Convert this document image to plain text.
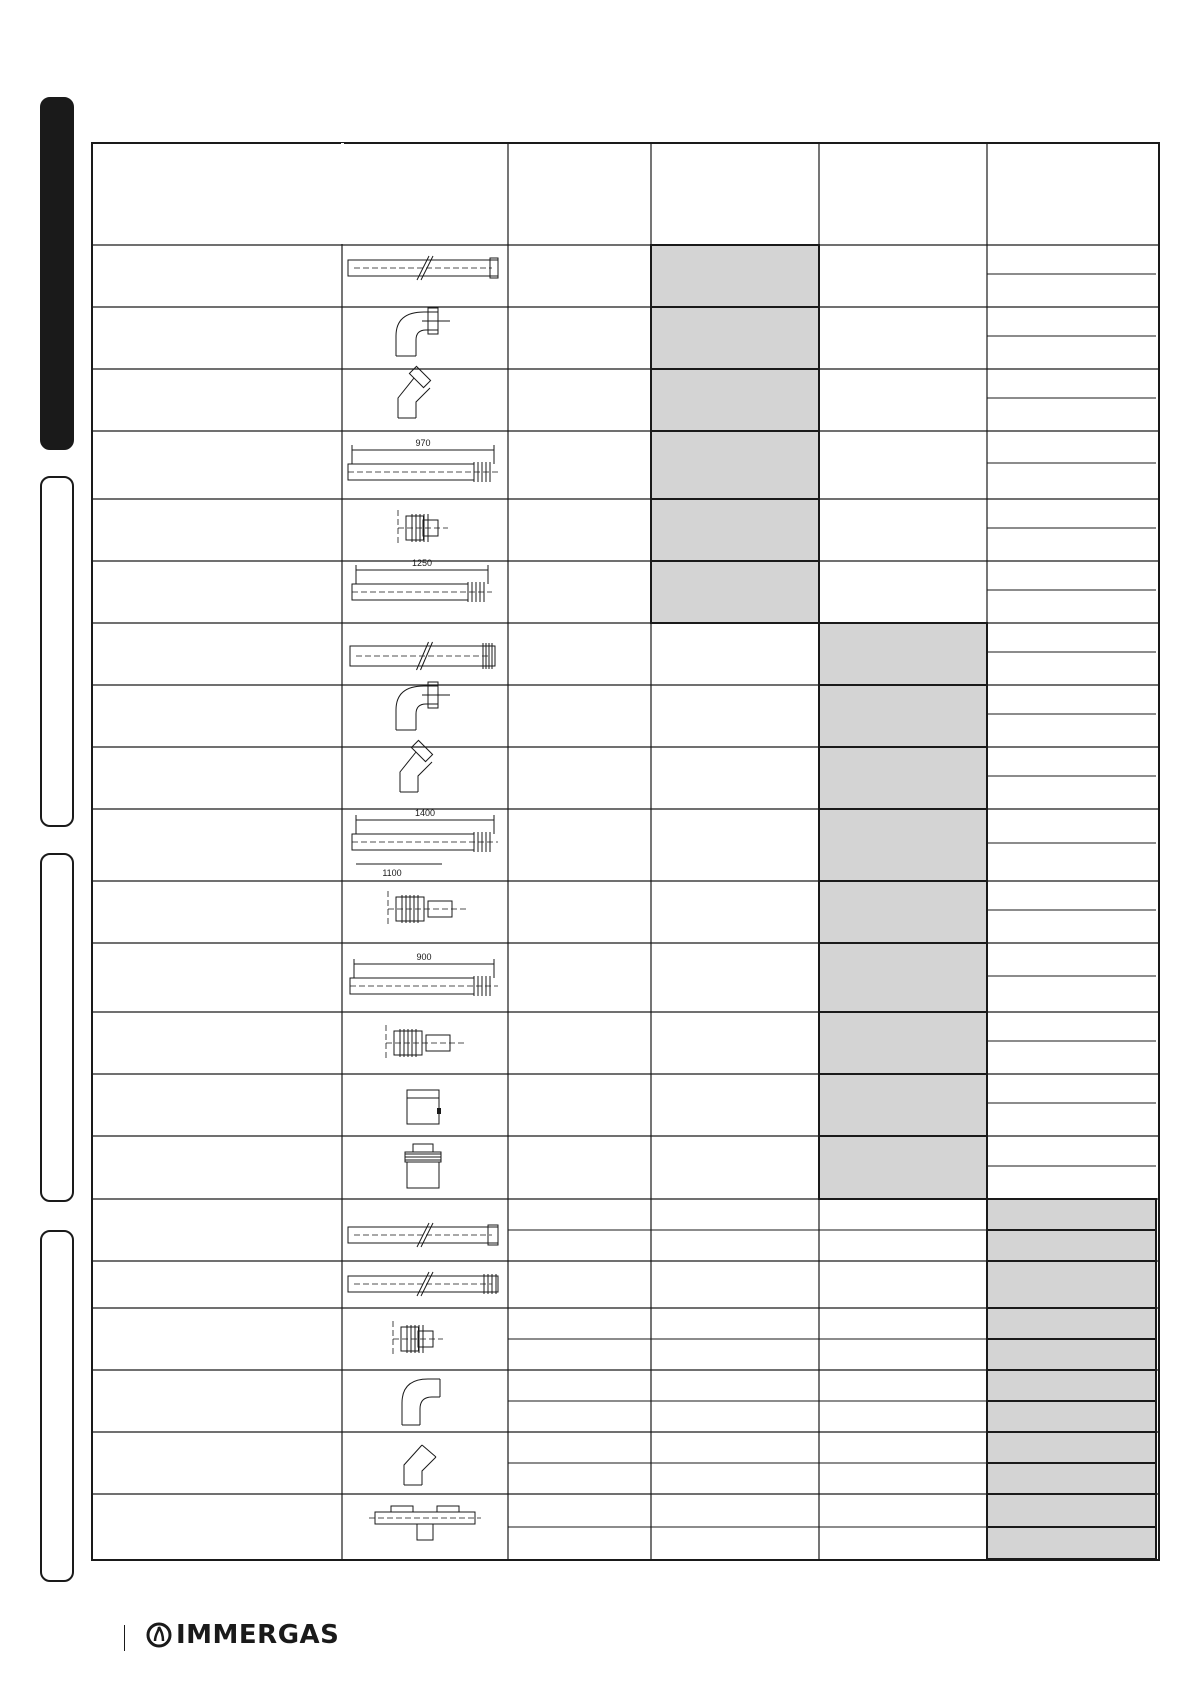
970
1250
1400
1100
900
IMMERGAS
